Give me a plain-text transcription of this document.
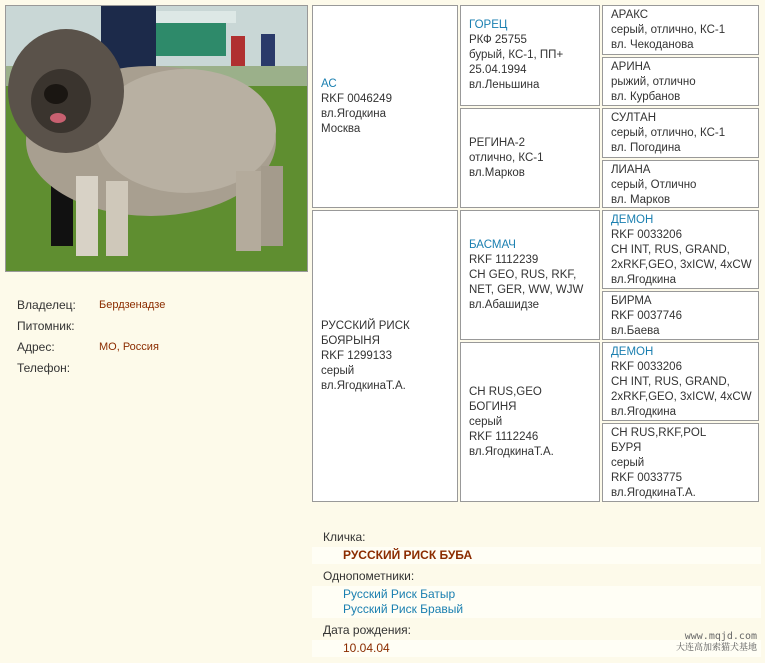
Владелец:	Бердзенадзе
Питомник:
Адрес:	МО, Россия
Телефон:
АС
RKF 0046249
вл.Ягодкина
Москва
РУССКИЙ РИСК
БОЯРЫНЯ
RKF 1299133
серый
вл.ЯгодкинаТ.А.
ГОРЕЦ
РКФ 25755
бурый, КС-1, ПП+
25.04.1994
вл.Леньшина
РЕГИНА-2
отлично, КС-1
вл.Марков
БАСМАЧ
RKF 1112239
CH GEO, RUS, RKF,
NET, GER, WW, WJW
вл.Абашидзе
CH RUS,GEO
БОГИНЯ
серый
RKF 1112246
вл.ЯгодкинаТ.А.
АРАКС
серый, отлично, КС-1
вл. Чекоданова
АРИНА
рыжий, отлично
вл. Курбанов
СУЛТАН
серый, отлично, КС-1
вл. Погодина
ЛИАНА
серый, Отлично
вл. Марков
ДЕМОН
RKF 0033206
CH INT, RUS, GRAND,
2xRKF,GEO, 3xICW, 4xCW
вл.Ягодкина
БИРМА
RKF 0037746
вл.Баева
ДЕМОН
RKF 0033206
CH INT, RUS, GRAND,
2xRKF,GEO, 3xICW, 4xCW
вл.Ягодкина
CH RUS,RKF,POL
БУРЯ
серый
RKF 0033775
вл.ЯгодкинаТ.А.
Кличка:
РУССКИЙ РИСК БУБА
Однопометники:
Русский Риск Батыр
Русский Риск Бравый
Дата рождения:
10.04.04
www.mqjd.com
大连高加索猫犬基地
